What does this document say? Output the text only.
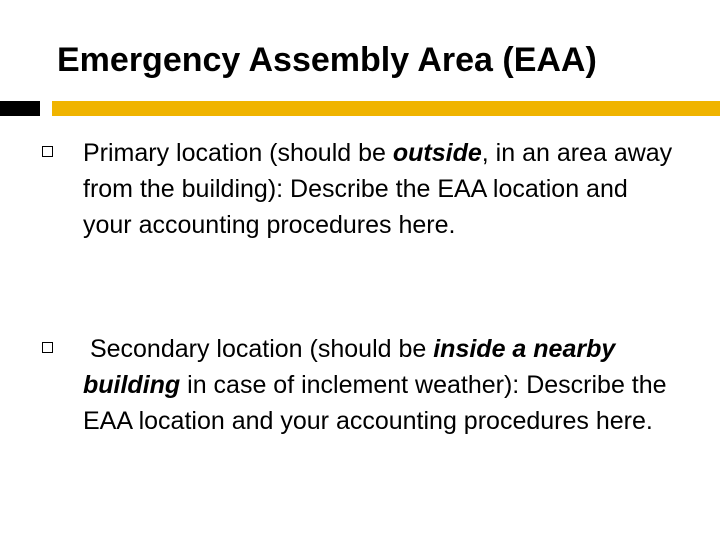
Emergency Assembly Area (EAA)
Primary location (should be outside, in an area away from the building): Describe the EAA location and your accounting procedures here.
Secondary location (should be inside a nearby building in case of inclement weather): Describe the EAA location and your accounting procedures here.
